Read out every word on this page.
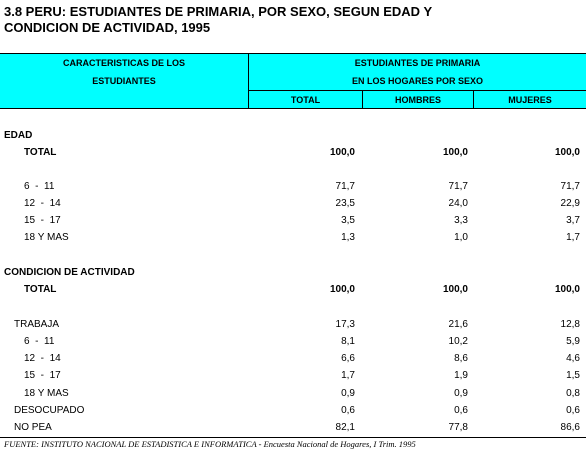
3.8 PERU: ESTUDIANTES DE PRIMARIA, POR SEXO, SEGUN EDAD Y
CONDICION DE ACTIVIDAD, 1995
CARACTERISTICAS DE LOS
ESTUDIANTES
ESTUDIANTES DE PRIMARIA
EN LOS HOGARES POR SEXO
TOTAL	HOMBRES	MUJERES
EDAD
TOTAL	100,0	100,0	100,0
6  -  11	71,7	71,7	71,7
12  -  14	23,5	24,0	22,9
15  -  17	3,5	3,3	3,7
18 Y MAS	1,3	1,0	1,7
CONDICION DE ACTIVIDAD
TOTAL	100,0	100,0	100,0
TRABAJA	17,3	21,6	12,8
6  -  11	8,1	10,2	5,9
12  -  14	6,6	8,6	4,6
15  -  17	1,7	1,9	1,5
18 Y MAS	0,9	0,9	0,8
DESOCUPADO	0,6	0,6	0,6
NO PEA	82,1	77,8	86,6
FUENTE: INSTITUTO NACIONAL DE ESTADISTICA E INFORMATICA - Encuesta Nacional de Hogares, I Trim. 1995
